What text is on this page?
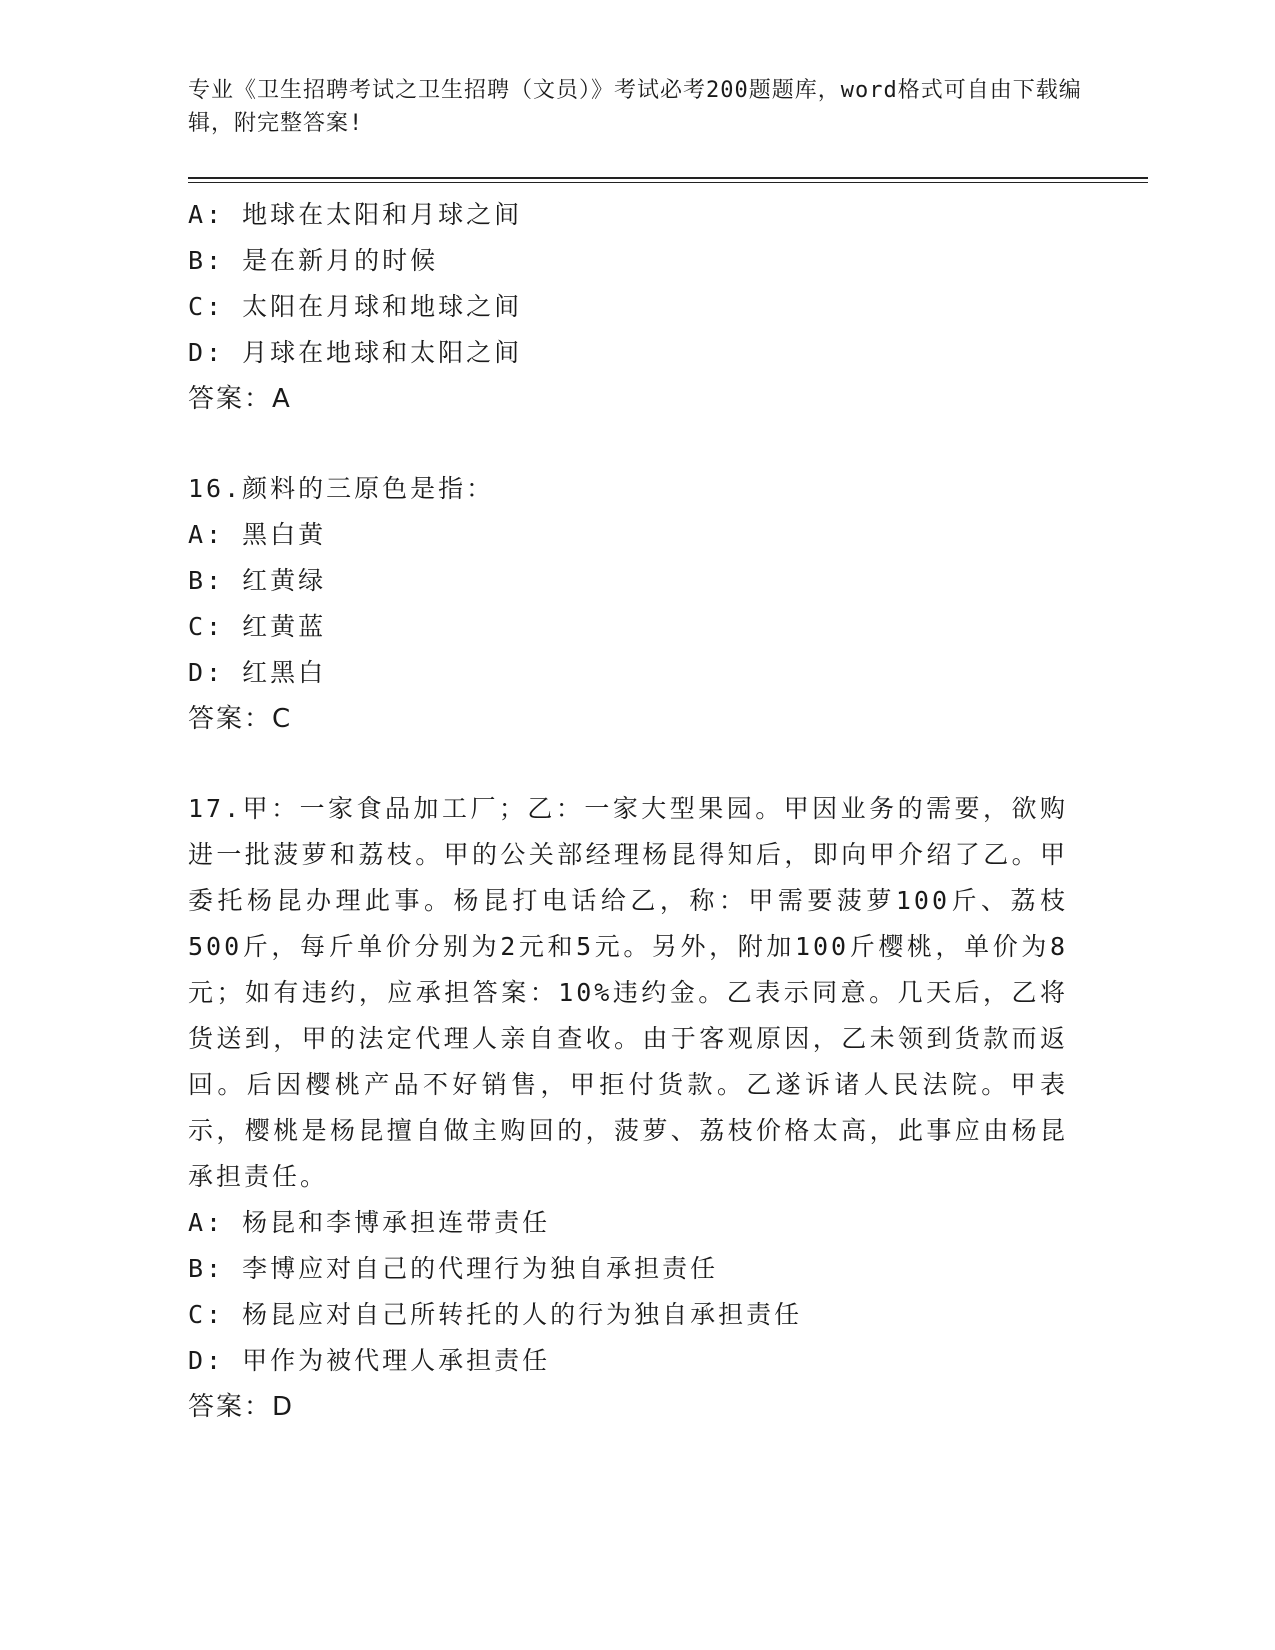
专业《卫生招聘考试之卫生招聘（文员）》考试必考200题题库，word格式可自由下载编辑，附完整答案!
A: 地球在太阳和月球之间
B: 是在新月的时候
C: 太阳在月球和地球之间
D: 月球在地球和太阳之间
答案：A
16.颜料的三原色是指：
A: 黑白黄
B: 红黄绿
C: 红黄蓝
D: 红黑白
答案：C
17.甲：一家食品加工厂；乙：一家大型果园。甲因业务的需要，欲购进一批菠萝和荔枝。甲的公关部经理杨昆得知后，即向甲介绍了乙。甲委托杨昆办理此事。杨昆打电话给乙，称：甲需要菠萝100斤、荔枝500斤，每斤单价分别为2元和5元。另外，附加100斤樱桃，单价为8元；如有违约，应承担答案：10%违约金。乙表示同意。几天后，乙将货送到，甲的法定代理人亲自查收。由于客观原因，乙未领到货款而返回。后因樱桃产品不好销售，甲拒付货款。乙遂诉诸人民法院。甲表示，樱桃是杨昆擅自做主购回的，菠萝、荔枝价格太高，此事应由杨昆承担责任。
A: 杨昆和李博承担连带责任
B: 李博应对自己的代理行为独自承担责任
C: 杨昆应对自己所转托的人的行为独自承担责任
D: 甲作为被代理人承担责任
答案：D
